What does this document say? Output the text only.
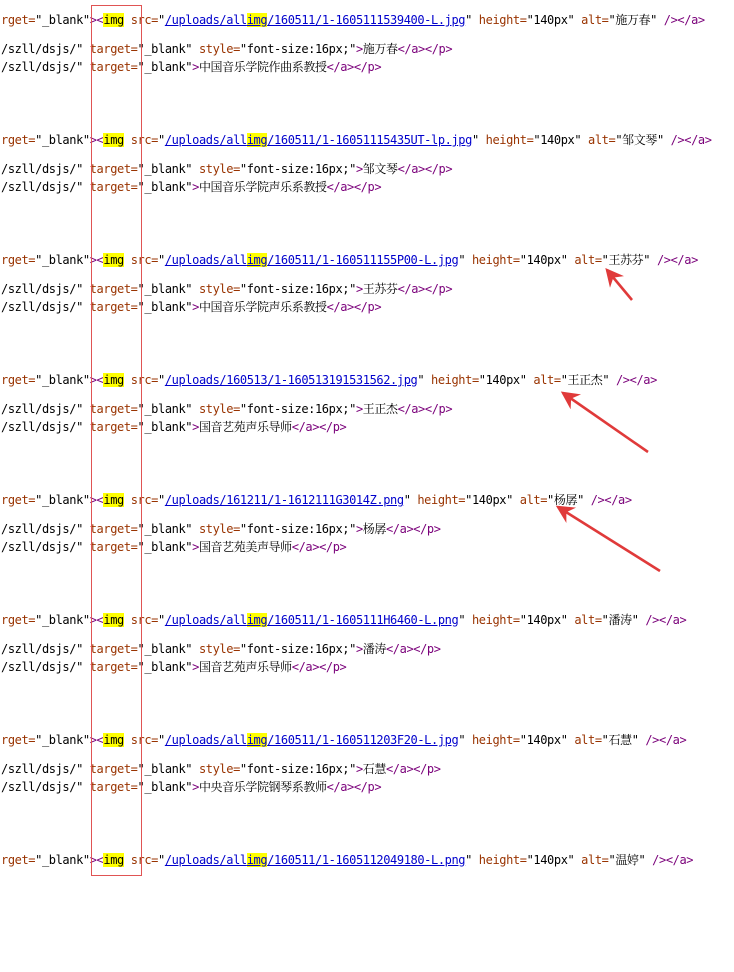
rget="_blank"><img src="/uploads/allimg/160511/1-1605111539400-L.jpg" height="140px" alt="施万春" /></a>
/szll/dsjs/" target="_blank" style="font-size:16px;">施万春</a></p>
/szll/dsjs/" target="_blank">中国音乐学院作曲系教授</a></p>
rget="_blank"><img src="/uploads/allimg/160511/1-16051115435UT-lp.jpg" height="140px" alt="邹文琴" /></a>
/szll/dsjs/" target="_blank" style="font-size:16px;">邹文琴</a></p>
/szll/dsjs/" target="_blank">中国音乐学院声乐系教授</a></p>
rget="_blank"><img src="/uploads/allimg/160511/1-160511155P00-L.jpg" height="140px" alt="王苏芬" /></a>
/szll/dsjs/" target="_blank" style="font-size:16px;">王苏芬</a></p>
/szll/dsjs/" target="_blank">中国音乐学院声乐系教授</a></p>
rget="_blank"><img src="/uploads/160513/1-160513191531562.jpg" height="140px" alt="王正杰" /></a>
/szll/dsjs/" target="_blank" style="font-size:16px;">王正杰</a></p>
/szll/dsjs/" target="_blank">国音艺苑声乐导师</a></p>
rget="_blank"><img src="/uploads/161211/1-1612111G3014Z.png" height="140px" alt="杨孱" /></a>
/szll/dsjs/" target="_blank" style="font-size:16px;">杨孱</a></p>
/szll/dsjs/" target="_blank">国音艺苑美声导师</a></p>
rget="_blank"><img src="/uploads/allimg/160511/1-1605111H6460-L.png" height="140px" alt="潘涛" /></a>
/szll/dsjs/" target="_blank" style="font-size:16px;">潘涛</a></p>
/szll/dsjs/" target="_blank">国音艺苑声乐导师</a></p>
rget="_blank"><img src="/uploads/allimg/160511/1-160511203F20-L.jpg" height="140px" alt="石慧" /></a>
/szll/dsjs/" target="_blank" style="font-size:16px;">石慧</a></p>
/szll/dsjs/" target="_blank">中央音乐学院钢琴系教师</a></p>
rget="_blank"><img src="/uploads/allimg/160511/1-1605112049180-L.png" height="140px" alt="温婷" /></a>
